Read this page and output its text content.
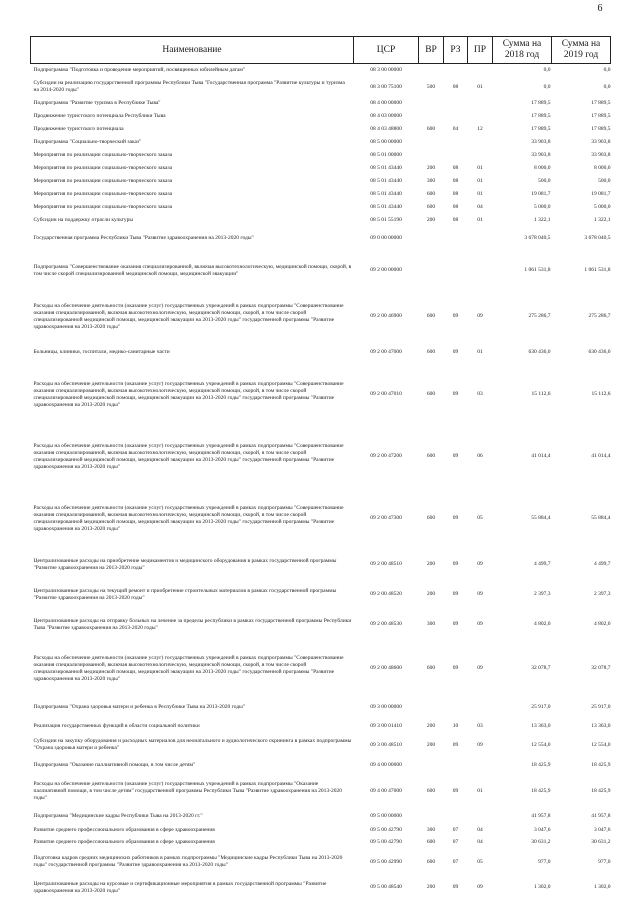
6
Наименование	ЦСР	ВР	РЗ	ПР	Сумма на 2018 год	Сумма на 2019 год
Подпрограмма "Подготовка и проведение мероприятий, посвященных юбилейным датам"	08 3 00 00000				0,0	0,0
Субсидии на реализацию государственной программы Республики Тыва "Государственная программа "Развитие культуры и туризма на 2014-2020 годы"	08 3 00 75100	500	08	01	0,0	0,0
Подпрограмма "Развитие туризма в Республике Тыва"	08 4 00 00000				17 889,5	17 889,5
Продвижение туристского потенциала Республики Тыва	08 4 03 00000				17 889,5	17 889,5
Продвижение туристского потенциала	08 4 03 48800	600	04	12	17 889,5	17 889,5
Подпрограмма "Социально-творческий заказ"	08 5 00 00000				33 903,8	33 903,8
Мероприятия по реализации социально-творческого заказа	08 5 01 00000				33 903,8	33 903,8
Мероприятия по реализации социально-творческого заказа	08 5 01 43440	200	08	01	8 000,0	8 000,0
Мероприятия по реализации социально-творческого заказа	08 5 01 43440	300	08	01	500,0	500,0
Мероприятия по реализации социально-творческого заказа	08 5 01 43440	600	08	01	19 081,7	19 081,7
Мероприятия по реализации социально-творческого заказа	08 5 01 43440	600	08	04	5 000,0	5 000,0
Субсидии на поддержку отрасли культуры	08 5 01 55190	200	08	01	1 322,1	1 322,1
Государственная программа Республики Тыва "Развитие здравоохранения на 2013-2020 годы"	09 0 00 00000				3 678 040,5	3 678 040,5
Подпрограмма "Совершенствование оказания специализированной, включая высокотехнологическую, медицинской помощи, скорой, в том числе скорой специализированной медицинской помощи, медицинской эвакуации"	09 2 00 00000				1 061 531,8	1 061 531,8
Расходы на обеспечение деятельности (оказание услуг) государственных учреждений в рамках подпрограммы "Совершенствование оказания специализированной, включая высокотехнологическую, медицинской помощи, скорой, в том числе скорой специализированной медицинской помощи, медицинской эвакуации на 2013-2020 годы" государственной программы "Развитие здравоохранения на 2013-2020 годы"	09 2 00 46900	600	09	09	275 286,7	275 286,7
Больницы, клиники, госпитали, медико-санитарные части	09 2 00 47000	600	09	01	630 436,0	630 436,0
Расходы на обеспечение деятельности (оказание услуг) государственных учреждений в рамках подпрограммы "Совершенствование оказания специализированной, включая высокотехнологическую, медицинской помощи, скорой, в том числе скорой специализированной медицинской помощи, медицинской эвакуации на 2013-2020 годы" государственной программы "Развитие здравоохранения на 2013-2020 годы"	09 2 00 47010	600	09	03	15 112,6	15 112,6
Расходы на обеспечение деятельности (оказание услуг) государственных учреждений в рамках подпрограммы "Совершенствование оказания специализированной, включая высокотехнологическую, медицинской помощи, скорой, в том числе скорой специализированной медицинской помощи, медицинской эвакуации на 2013-2020 годы" государственной программы "Развитие здравоохранения на 2013-2020 годы"	09 2 00 47200	600	09	06	41 014,4	41 014,4
Расходы на обеспечение деятельности (оказание услуг) государственных учреждений в рамках подпрограммы "Совершенствование оказания специализированной, включая высокотехнологическую, медицинской помощи, скорой, в том числе скорой специализированной медицинской помощи, медицинской эвакуации на 2013-2020 годы" государственной программы "Развитие здравоохранения на 2013-2020 годы"	09 2 00 47300	600	09	05	55 884,4	55 884,4
Централизованные расходы на приобретение медикаментов и медицинского оборудования в рамках государственной программы "Развитие здравоохранения на 2013-2020 годы"	09 2 00 48510	200	09	09	4 499,7	4 499,7
Централизованные расходы на текущий ремонт и приобретение строительных материалов в рамках государственной программы "Развитие здравоохранения на 2013-2020 годы"	09 2 00 48520	200	09	09	2 397,3	2 397,3
Централизованные расходы на отправку больных на лечение за пределы республики в рамках государственной программы Республики Тыва "Развитие здравоохранения на 2013-2020 годы"	09 2 00 48530	300	09	09	4 802,0	4 802,0
Расходы на обеспечение деятельности (оказание услуг) государственных учреждений в рамках подпрограммы "Совершенствование оказания специализированной, включая высокотехнологическую, медицинской помощи, скорой, в том числе скорой специализированной медицинской помощи, медицинской эвакуации на 2013-2020 годы" государственной программы "Развитие здравоохранения на 2013-2020 годы"	09 2 00 48600	600	09	09	32 078,7	32 078,7
Подпрограмма "Охрана здоровья матери и ребенка в Республике Тыва на 2013-2020 годы"	09 3 00 00000				25 917,0	25 917,0
Реализация государственных функций в области социальной политики	09 3 00 01410	200	10	03	13 363,0	13 363,0
Субсидии на закупку оборудования и расходных материалов для неонатального и аудиологического скрининга в рамках подпрограммы "Охрана здоровья матери и ребенка"	09 3 00 48510	200	09	09	12 554,0	12 554,0
Подпрограмма "Оказание паллиативной помощи, в том числе детям"	09 4 00 00000				18 425,9	18 425,9
Расходы на обеспечение деятельности (оказание услуг) государственных учреждений в рамках подпрограммы "Оказание паллиативной помощи, в том числе детям" государственной программы Республики Тыва "Развитие здравоохранения на 2013-2020 годы"	09 4 00 47000	600	09	01	18 425,9	18 425,9
Подпрограмма "Медицинские кадры Республики Тыва на 2013-2020 гг."	09 5 00 00000				41 957,8	41 957,8
Развитие среднего профессионального образования в сфере здравоохранения	09 5 00 42790	300	07	04	3 047,6	3 047,6
Развитие среднего профессионального образования в сфере здравоохранения	09 5 00 42790	600	07	04	30 631,2	30 631,2
Подготовка кадров средних медицинских работников в рамках подпрограммы "Медицинские кадры Республики Тыва на 2013-2020 годы" государственной программы "Развитие здравоохранения на 2013-2020 годы"	09 5 00 42990	600	07	05	977,0	977,0
Централизованные расходы на курсовые и сертификационные мероприятия в рамках государственной программы "Развитие здравоохранения на 2013-2020 годы"	09 5 00 48540	200	09	09	1 302,0	1 302,0
